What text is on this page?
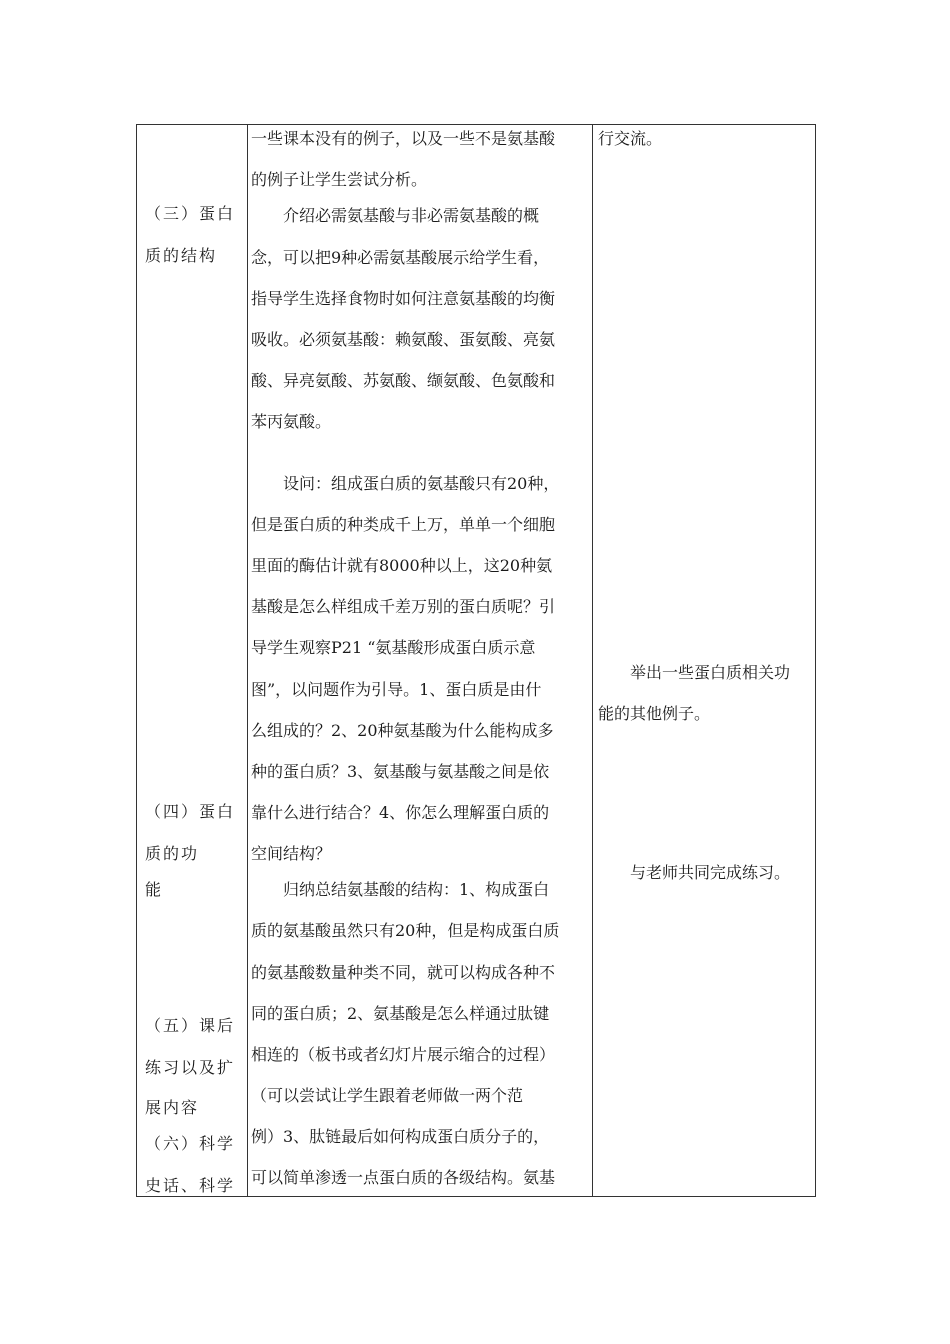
（三）蛋白
质的结构
（四）蛋白
质的功
能
（五）课后
练习以及扩
展内容
（六）科学
史话、科学
一些课本没有的例子，以及一些不是氨基酸
的例子让学生尝试分析。
　　介绍必需氨基酸与非必需氨基酸的概
念，可以把9种必需氨基酸展示给学生看，
指导学生选择食物时如何注意氨基酸的均衡
吸收。必须氨基酸：赖氨酸、蛋氨酸、亮氨
酸、异亮氨酸、苏氨酸、缬氨酸、色氨酸和
苯丙氨酸。
　　设问：组成蛋白质的氨基酸只有20种，
但是蛋白质的种类成千上万，单单一个细胞
里面的酶估计就有8000种以上，这20种氨
基酸是怎么样组成千差万别的蛋白质呢？引
导学生观察P21 “氨基酸形成蛋白质示意
图”，以问题作为引导。1、蛋白质是由什
么组成的？2、20种氨基酸为什么能构成多
种的蛋白质？3、氨基酸与氨基酸之间是依
靠什么进行结合？4、你怎么理解蛋白质的
空间结构？
　　归纳总结氨基酸的结构：1、构成蛋白
质的氨基酸虽然只有20种，但是构成蛋白质
的氨基酸数量种类不同，就可以构成各种不
同的蛋白质；2、氨基酸是怎么样通过肽键
相连的（板书或者幻灯片展示缩合的过程）
（可以尝试让学生跟着老师做一两个范
例）3、肽链最后如何构成蛋白质分子的，
可以简单渗透一点蛋白质的各级结构。氨基
行交流。
　　举出一些蛋白质相关功
能的其他例子。
　　与老师共同完成练习。
